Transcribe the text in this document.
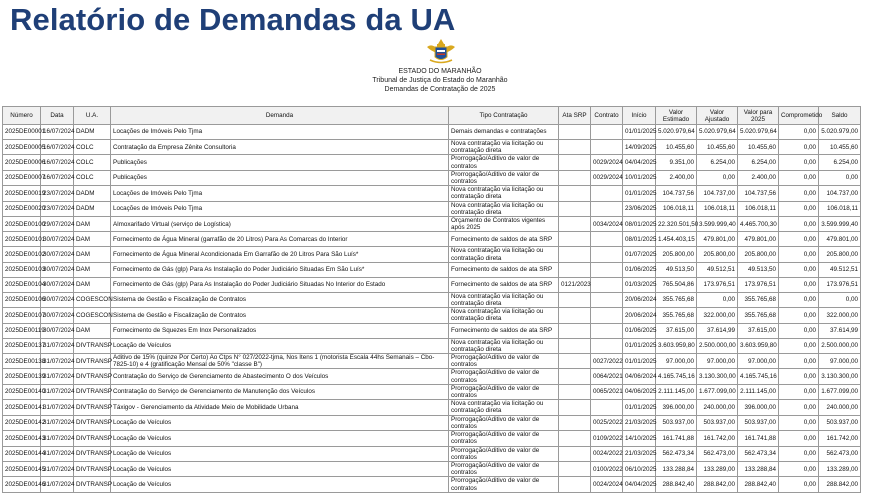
Relatório de Demandas da UA
ESTADO DO MARANHÃO
Tribunal de Justiça do Estado do Maranhão
Demandas de Contratação de 2025
Número	Data	U.A.	Demanda	Tipo Contratação	Ata SRP	Contrato	Início	Valor Estimado	Valor Ajustado	Valor para 2025	Comprometido	Saldo
2025DE00001	16/07/2024	DADM	Locações de Imóveis Pelo Tjma	Demais demandas e contratações			01/01/2025	5.020.979,64	5.020.979,64	5.020.979,64	0,00	5.020.979,00
2025DE00005	16/07/2024	COLC	Contratação da Empresa Zênite Consultoria	Nova contratação via licitação ou contratação direta			14/09/2025	10.455,60	10.455,60	10.455,60	0,00	10.455,60
2025DE00006	16/07/2024	COLC	Publicações	Prorrogação/Aditivo de valor de contratos		0029/2024	04/04/2025	9.351,00	6.254,00	6.254,00	0,00	6.254,00
2025DE00007	16/07/2024	COLC	Publicações	Prorrogação/Aditivo de valor de contratos		0029/2024	10/01/2025	2.400,00	0,00	2.400,00	0,00	0,00
2025DE00019	23/07/2024	DADM	Locações de Imóveis Pelo Tjma	Nova contratação via licitação ou contratação direta			01/01/2025	104.737,56	104.737,00	104.737,56	0,00	104.737,00
2025DE00020	23/07/2024	DADM	Locações de Imóveis Pelo Tjma	Nova contratação via licitação ou contratação direta			23/06/2025	106.018,11	106.018,11	106.018,11	0,00	106.018,11
2025DE00100	29/07/2024	DAM	Almoxarifado Virtual (serviço de Logística)	Orçamento de Contratos vigentes após 2025		0034/2024	08/01/2025	22.320.501,50	3.599.999,40	4.465.700,30	0,00	3.599.999,40
2025DE00101	30/07/2024	DAM	Fornecimento de Água Mineral (garrafão de 20 Litros) Para As Comarcas do Interior	Fornecimento de saldos de ata SRP			08/01/2025	1.454.403,15	479.801,00	479.801,00	0,00	479.801,00
2025DE00102	30/07/2024	DAM	Fornecimento de Água Mineral Acondicionada Em Garrafão de 20 Litros Para São Luís*	Nova contratação via licitação ou contratação direta			01/07/2025	205.800,00	205.800,00	205.800,00	0,00	205.800,00
2025DE00103	30/07/2024	DAM	Fornecimento de Gás (glp) Para As Instalação do Poder Judiciário Situadas Em São Luís*	Fornecimento de saldos de ata SRP			01/06/2025	49.513,50	49.512,51	49.513,50	0,00	49.512,51
2025DE00104	30/07/2024	DAM	Fornecimento de Gás (glp) Para As Instalação do Poder Judiciário Situadas No Interior do Estado	Fornecimento de saldos de ata SRP	0121/2023		01/03/2025	765.504,86	173.976,51	173.976,51	0,00	173.976,51
2025DE00106	30/07/2024	COGESCON	Sistema de Gestão e Fiscalização de Contratos	Nova contratação via licitação ou contratação direta			20/06/2024	355.765,68	0,00	355.765,68	0,00	0,00
2025DE00107	30/07/2024	COGESCON	Sistema de Gestão e Fiscalização de Contratos	Nova contratação via licitação ou contratação direta			20/06/2024	355.765,68	322.000,00	355.765,68	0,00	322.000,00
2025DE00119	30/07/2024	DAM	Fornecimento de Squezes Em Inox Personalizados	Fornecimento de saldos de ata SRP			01/06/2025	37.615,00	37.614,99	37.615,00	0,00	37.614,99
2025DE00137	31/07/2024	DIVTRANSP	Locação de Veículos	Nova contratação via licitação ou contratação direta			01/01/2025	3.603.959,80	2.500.000,00	3.603.959,80	0,00	2.500.000,00
2025DE00138	31/07/2024	DIVTRANSP	Aditivo de 15% (quinze Por Certo) Ao Ctps N° 027/2022-tjma, Nos Itens 1 (motorista Escala 44hs Semanais – Cbo-7825-10) e 4 (gratificação Mensal de 50% "classe B")	Prorrogação/Aditivo de valor de contratos		0027/2022	01/01/2025	97.000,00	97.000,00	97.000,00	0,00	97.000,00
2025DE00139	31/07/2024	DIVTRANSP	Contratação do Serviço de Gerenciamento de Abastecimento O dos Veículos	Prorrogação/Aditivo de valor de contratos		0064/2021	04/06/2024	4.165.745,16	3.130.300,00	4.165.745,16	0,00	3.130.300,00
2025DE00140	31/07/2024	DIVTRANSP	Contratação do Serviço de Gerenciamento de Manutenção dos Veículos	Prorrogação/Aditivo de valor de contratos		0065/2021	04/06/2025	2.111.145,00	1.677.099,00	2.111.145,00	0,00	1.677.099,00
2025DE00141	31/07/2024	DIVTRANSP	Táxigov - Gerenciamento da Atividade Meio de Mobilidade Urbana	Nova contratação via licitação ou contratação direta			01/01/2025	396.000,00	240.000,00	396.000,00	0,00	240.000,00
2025DE00142	31/07/2024	DIVTRANSP	Locação de Veículos	Prorrogação/Aditivo de valor de contratos		0025/2022	21/03/2025	503.937,00	503.937,00	503.937,00	0,00	503.937,00
2025DE00143	31/07/2024	DIVTRANSP	Locação de Veículos	Prorrogação/Aditivo de valor de contratos		0109/2022	14/10/2025	161.741,88	161.742,00	161.741,88	0,00	161.742,00
2025DE00144	31/07/2024	DIVTRANSP	Locação de Veículos	Prorrogação/Aditivo de valor de contratos		0024/2022	21/03/2025	562.473,34	562.473,00	562.473,34	0,00	562.473,00
2025DE00145	31/07/2024	DIVTRANSP	Locação de Veículos	Prorrogação/Aditivo de valor de contratos		0100/2022	06/10/2025	133.288,84	133.289,00	133.288,84	0,00	133.289,00
2025DE00146	31/07/2024	DIVTRANSP	Locação de Veículos	Prorrogação/Aditivo de valor de contratos		0024/2024	04/04/2025	288.842,40	288.842,00	288.842,40	0,00	288.842,00
